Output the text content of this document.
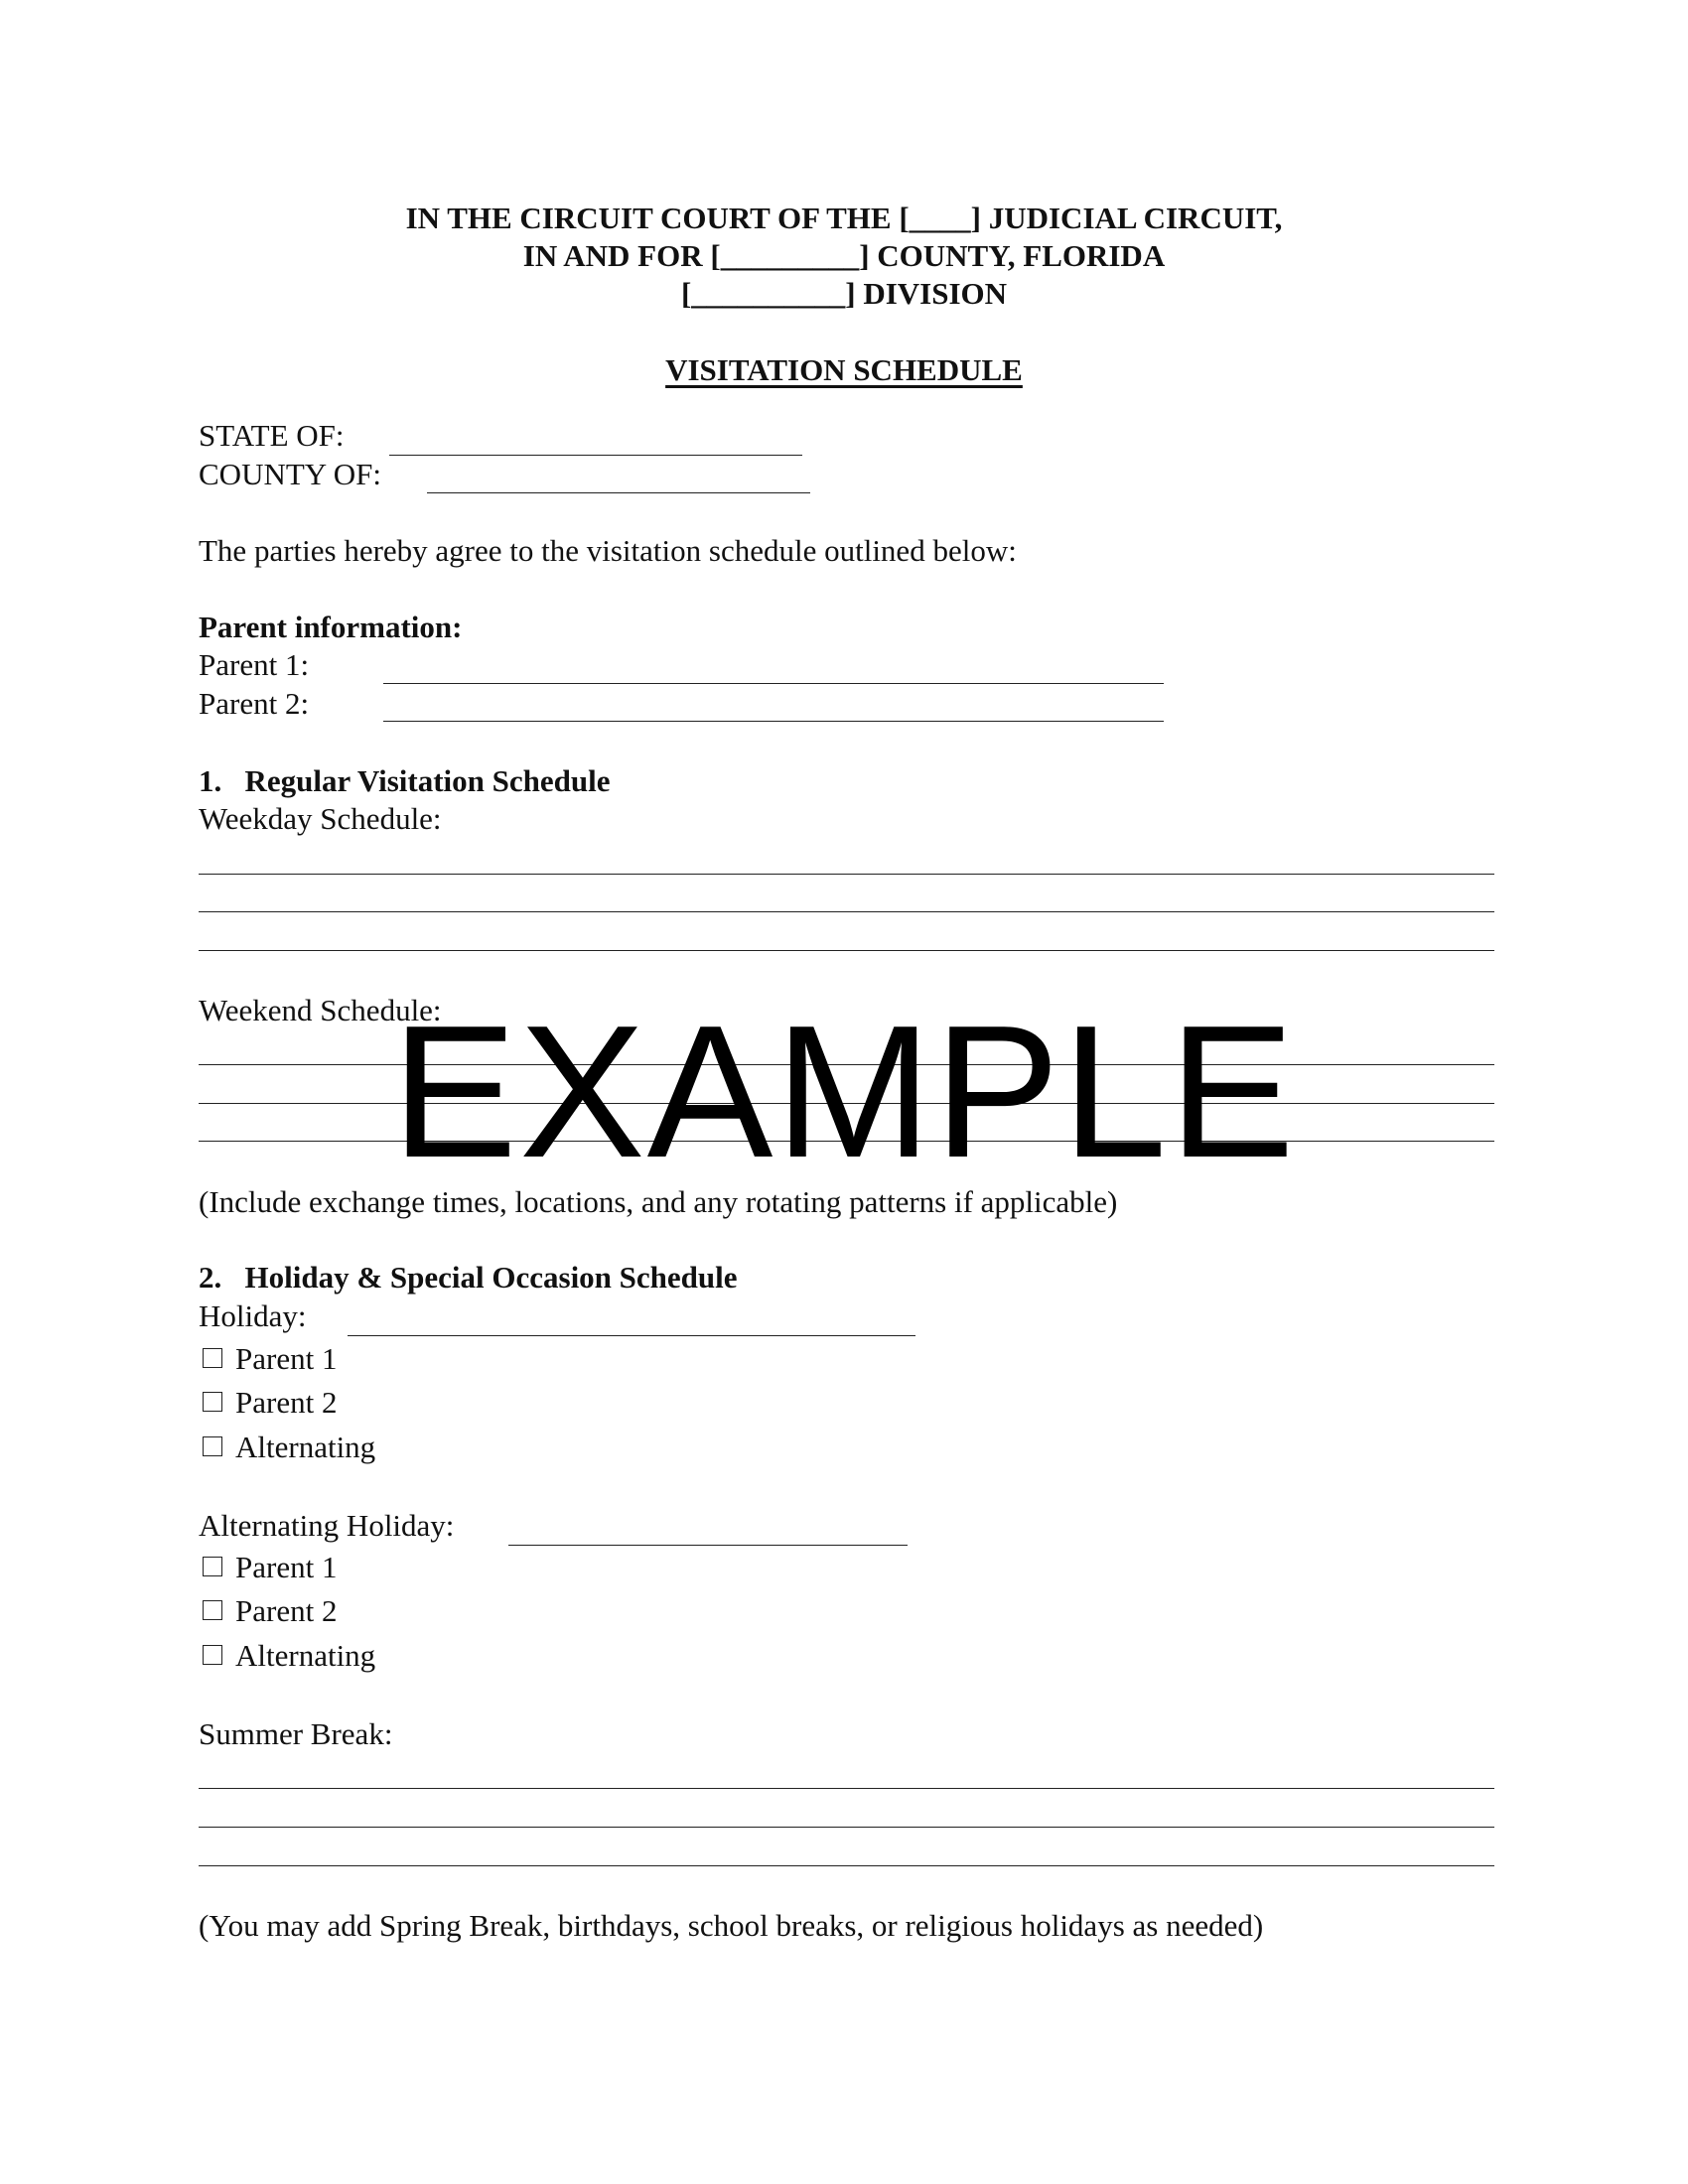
IN THE CIRCUIT COURT OF THE [____] JUDICIAL CIRCUIT,
IN AND FOR [_________] COUNTY, FLORIDA
[__________] DIVISION
VISITATION SCHEDULE
STATE OF:
COUNTY OF:
The parties hereby agree to the visitation schedule outlined below:
Parent information:
Parent 1:
Parent 2:
1.   Regular Visitation Schedule
Weekday Schedule:
Weekend Schedule:
(Include exchange times, locations, and any rotating patterns if applicable)
2.   Holiday & Special Occasion Schedule
Holiday:
Parent 1
Parent 2
Alternating
Alternating Holiday:
Parent 1
Parent 2
Alternating
Summer Break:
(You may add Spring Break, birthdays, school breaks, or religious holidays as needed)
EXAMPLE
